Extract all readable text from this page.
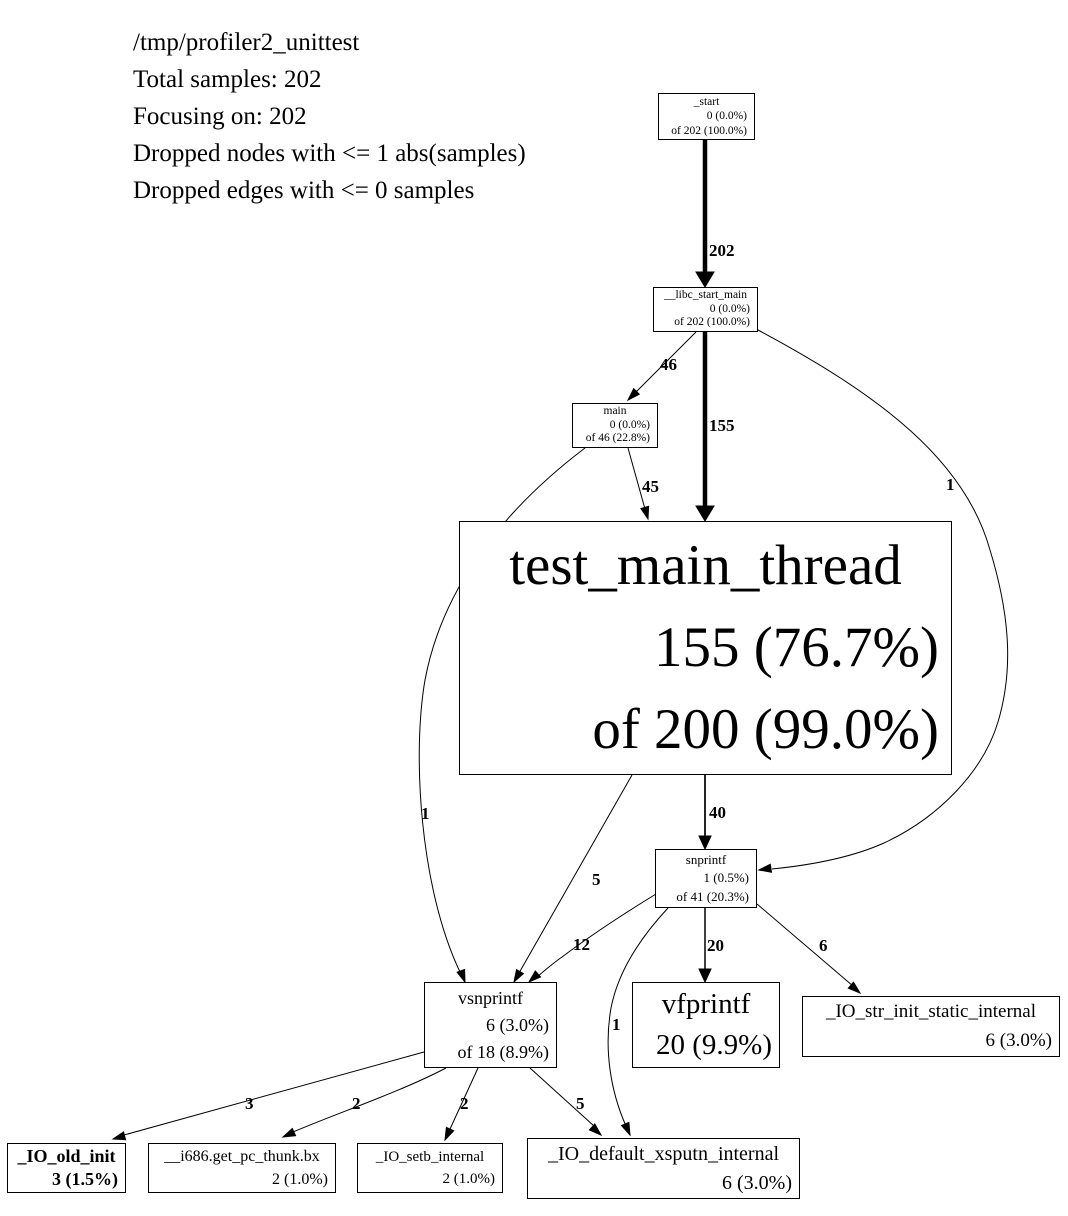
/tmp/profiler2_unittest

Total samples: 202

Focusing on: 202

Dropped nodes with <= 1 abs(samples)

Dropped edges with <= 0 samples

202
46
155
1
45
1	40
5
12	20	6
1
3	2	2	5
_start
0 (0.0%)
of 202 (100.0%)
__libc_start_main
0 (0.0%)
of 202 (100.0%)
main
0 (0.0%)
of 46 (22.8%)
test_main_thread
155 (76.7%)
of 200 (99.0%)
snprintf
1 (0.5%)
of 41 (20.3%)
vsnprintf
6 (3.0%)
of 18 (8.9%)
vfprintf
20 (9.9%)
_IO_str_init_static_internal
6 (3.0%)
_IO_old_init
3 (1.5%)
__i686.get_pc_thunk.bx
2 (1.0%)
_IO_setb_internal
2 (1.0%)
_IO_default_xsputn_internal
6 (3.0%)
